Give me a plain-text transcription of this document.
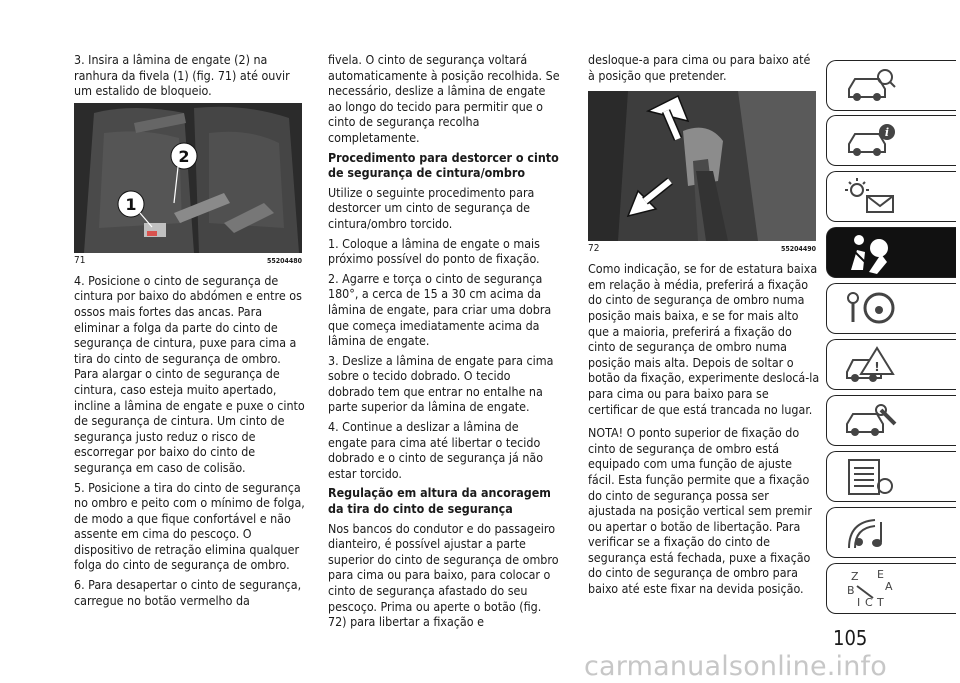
3. Insira a lâmina de engate (2) na ranhura da fivela (1) (fig. 71) até ouvir um estalido de bloqueio.

1
2
71	55204480

4. Posicione o cinto de segurança de cintura por baixo do abdómen e entre os ossos mais fortes das ancas. Para eliminar a folga da parte do cinto de segurança de cintura, puxe para cima a tira do cinto de segurança de ombro. Para alargar o cinto de segurança de cintura, caso esteja muito apertado, incline a lâmina de engate e puxe o cinto de segurança de cintura. Um cinto de segurança justo reduz o risco de escorregar por baixo do cinto de segurança em caso de colisão.

5. Posicione a tira do cinto de segurança no ombro e peito com o mínimo de folga, de modo a que fique confortável e não assente em cima do pescoço. O dispositivo de retração elimina qualquer folga do cinto de segurança de ombro.

6. Para desapertar o cinto de segurança, carregue no botão vermelho da

fivela. O cinto de segurança voltará automaticamente à posição recolhida. Se necessário, deslize a lâmina de engate ao longo do tecido para permitir que o cinto de segurança recolha completamente.

Procedimento para destorcer o cinto de segurança de cintura/ombro

Utilize o seguinte procedimento para destorcer um cinto de segurança de cintura/ombro torcido.

1. Coloque a lâmina de engate o mais próximo possível do ponto de fixação.

2. Agarre e torça o cinto de segurança 180°, a cerca de 15 a 30 cm acima da lâmina de engate, para criar uma dobra que começa imediatamente acima da lâmina de engate.

3. Deslize a lâmina de engate para cima sobre o tecido dobrado. O tecido dobrado tem que entrar no entalhe na parte superior da lâmina de engate.

4. Continue a deslizar a lâmina de engate para cima até libertar o tecido dobrado e o cinto de segurança já não estar torcido.

Regulação em altura da ancoragem da tira do cinto de segurança

Nos bancos do condutor e do passageiro dianteiro, é possível ajustar a parte superior do cinto de segurança de ombro para cima ou para baixo, para colocar o cinto de segurança afastado do seu pescoço. Prima ou aperte o botão (fig. 72) para libertar a fixação e

desloque-a para cima ou para baixo até à posição que pretender.

72	55204490

Como indicação, se for de estatura baixa em relação à média, preferirá a fixação do cinto de segurança de ombro numa posição mais baixa, e se for mais alto que a maioria, preferirá a fixação do cinto de segurança de ombro numa posição mais alta. Depois de soltar o botão da fixação, experimente deslocá-la para cima ou para baixo para se certificar de que está trancada no lugar.

NOTA! O ponto superior de fixação do cinto de segurança de ombro está equipado com uma função de ajuste fácil. Esta função permite que a fixação do cinto de segurança possa ser ajustada na posição vertical sem premir ou apertar o botão de libertação. Para verificar se a fixação do cinto de segurança está fechada, puxe a fixação do cinto de segurança de ombro para baixo até este fixar na devida posição.

i
!
Z E
B	A
I C T
105
carmanualsonline.info
